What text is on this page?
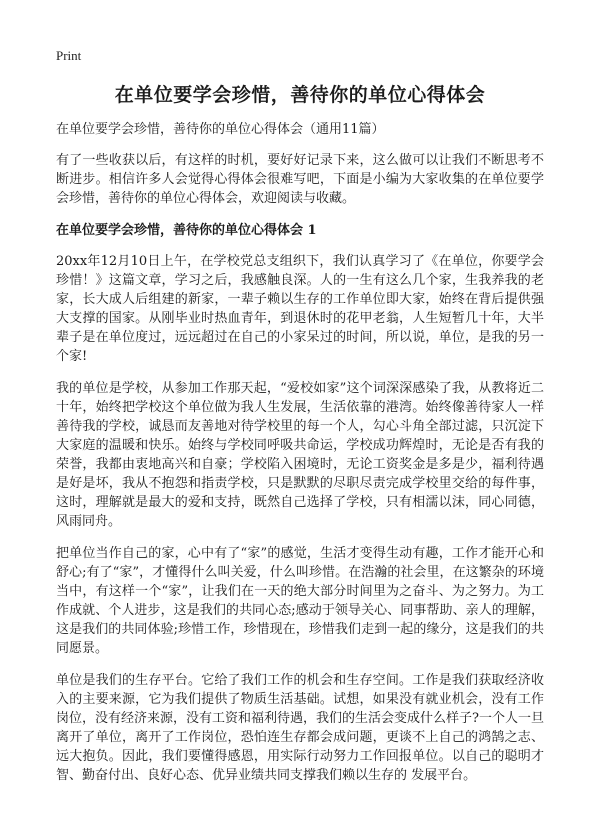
Print
在单位要学会珍惜，善待你的单位心得体会

在单位要学会珍惜，善待你的单位心得体会（通用11篇）

有了一些收获以后，有这样的时机，要好好记录下来，这么做可以让我们不断思考不断进步。相信许多人会觉得心得体会很难写吧，下面是小编为大家收集的在单位要学会珍惜，善待你的单位心得体会，欢迎阅读与收藏。

在单位要学会珍惜，善待你的单位心得体会 1

20xx年12月10日上午，在学校党总支组织下，我们认真学习了《在单位，你要学会珍惜！》这篇文章，学习之后，我感触良深。人的一生有这么几个家，生我养我的老家，长大成人后组建的新家，一辈子赖以生存的工作单位即大家，始终在背后提供强大支撑的国家。从刚毕业时热血青年，到退休时的花甲老翁，人生短暂几十年，大半辈子是在单位度过，远远超过在自己的小家呆过的时间，所以说，单位，是我的另一个家!

我的单位是学校，从参加工作那天起，“爱校如家”这个词深深感染了我，从教将近二十年，始终把学校这个单位做为我人生发展，生活依靠的港湾。始终像善待家人一样善待我的学校，诚恳而友善地对待学校里的每一个人，勾心斗角全部过滤，只沉淀下大家庭的温暖和快乐。始终与学校同呼吸共命运，学校成功辉煌时，无论是否有我的荣誉，我都由衷地高兴和自豪；学校陷入困境时，无论工资奖金是多是少，福利待遇是好是坏，我从不抱怨和指责学校，只是默默的尽职尽责完成学校里交给的每件事，这时，理解就是最大的爱和支持，既然自己选择了学校，只有相濡以沫，同心同德，风雨同舟。

把单位当作自己的家，心中有了“家”的感觉，生活才变得生动有趣，工作才能开心和舒心;有了“家”，才懂得什么叫关爱，什么叫珍惜。在浩瀚的社会里，在这繁杂的环境当中，有这样一个“家”，让我们在一天的绝大部分时间里为之奋斗、为之努力。为工作成就、个人进步，这是我们的共同心态;感动于领导关心、同事帮助、亲人的理解，这是我们的共同体验;珍惜工作，珍惜现在，珍惜我们走到一起的缘分，这是我们的共同愿景。

单位是我们的生存平台。它给了我们工作的机会和生存空间。工作是我们获取经济收入的主要来源，它为我们提供了物质生活基础。试想，如果没有就业机会，没有工作岗位，没有经济来源，没有工资和福利待遇，我们的生活会变成什么样子?一个人一旦离开了单位，离开了工作岗位，恐怕连生存都会成问题，更谈不上自己的鸿鹄之志、远大抱负。因此，我们要懂得感恩，用实际行动努力工作回报单位。以自己的聪明才智、勤奋付出、良好心态、优异业绩共同支撑我们赖以生存的 发展平台。
